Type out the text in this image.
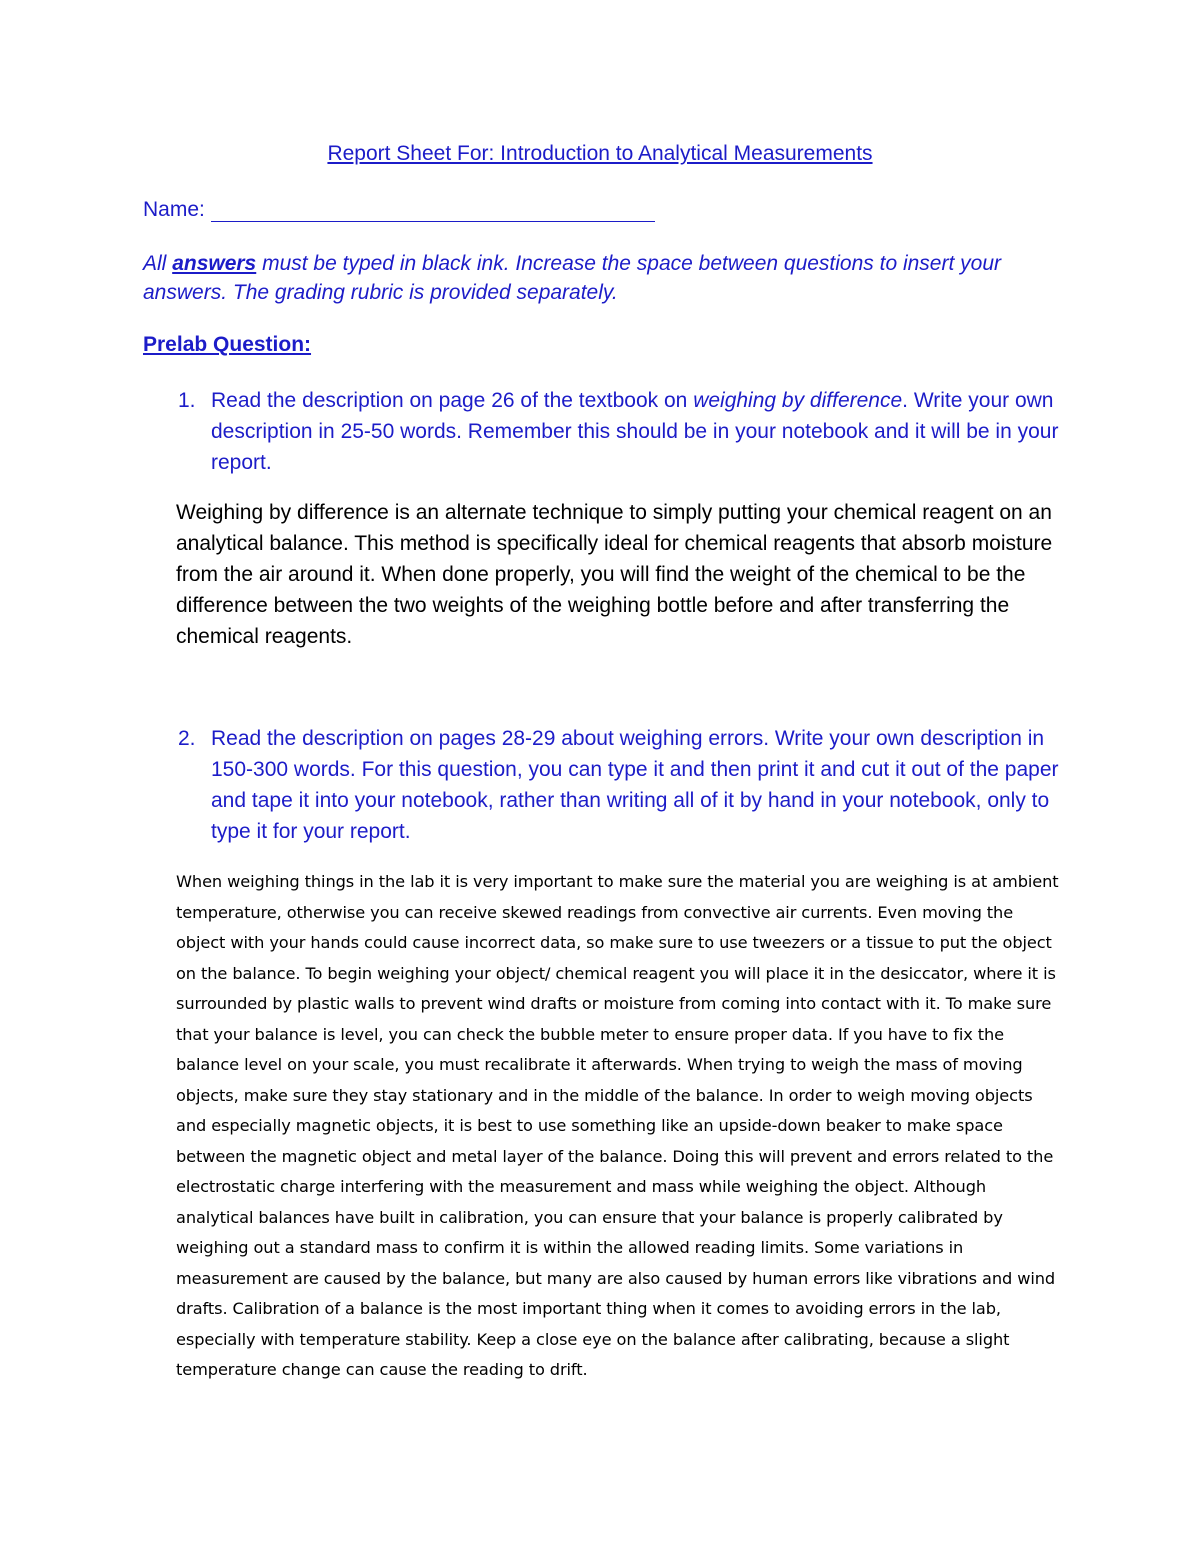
Report Sheet For: Introduction to Analytical Measurements
Name:
All answers must be typed in black ink. Increase the space between questions to insert your answers. The grading rubric is provided separately.
Prelab Question:
1. Read the description on page 26 of the textbook on weighing by difference. Write your own description in 25-50 words. Remember this should be in your notebook and it will be in your report.
Weighing by difference is an alternate technique to simply putting your chemical reagent on an analytical balance. This method is specifically ideal for chemical reagents that absorb moisture from the air around it. When done properly, you will find the weight of the chemical to be the difference between the two weights of the weighing bottle before and after transferring the chemical reagents.
2. Read the description on pages 28-29 about weighing errors. Write your own description in 150-300 words. For this question, you can type it and then print it and cut it out of the paper and tape it into your notebook, rather than writing all of it by hand in your notebook, only to type it for your report.
When weighing things in the lab it is very important to make sure the material you are weighing is at ambient temperature, otherwise you can receive skewed readings from convective air currents. Even moving the object with your hands could cause incorrect data, so make sure to use tweezers or a tissue to put the object on the balance. To begin weighing your object/ chemical reagent you will place it in the desiccator, where it is surrounded by plastic walls to prevent wind drafts or moisture from coming into contact with it. To make sure that your balance is level, you can check the bubble meter to ensure proper data. If you have to fix the balance level on your scale, you must recalibrate it afterwards. When trying to weigh the mass of moving objects, make sure they stay stationary and in the middle of the balance. In order to weigh moving objects and especially magnetic objects, it is best to use something like an upside-down beaker to make space between the magnetic object and metal layer of the balance. Doing this will prevent and errors related to the electrostatic charge interfering with the measurement and mass while weighing the object. Although analytical balances have built in calibration, you can ensure that your balance is properly calibrated by weighing out a standard mass to confirm it is within the allowed reading limits. Some variations in measurement are caused by the balance, but many are also caused by human errors like vibrations and wind drafts. Calibration of a balance is the most important thing when it comes to avoiding errors in the lab, especially with temperature stability. Keep a close eye on the balance after calibrating, because a slight temperature change can cause the reading to drift.
